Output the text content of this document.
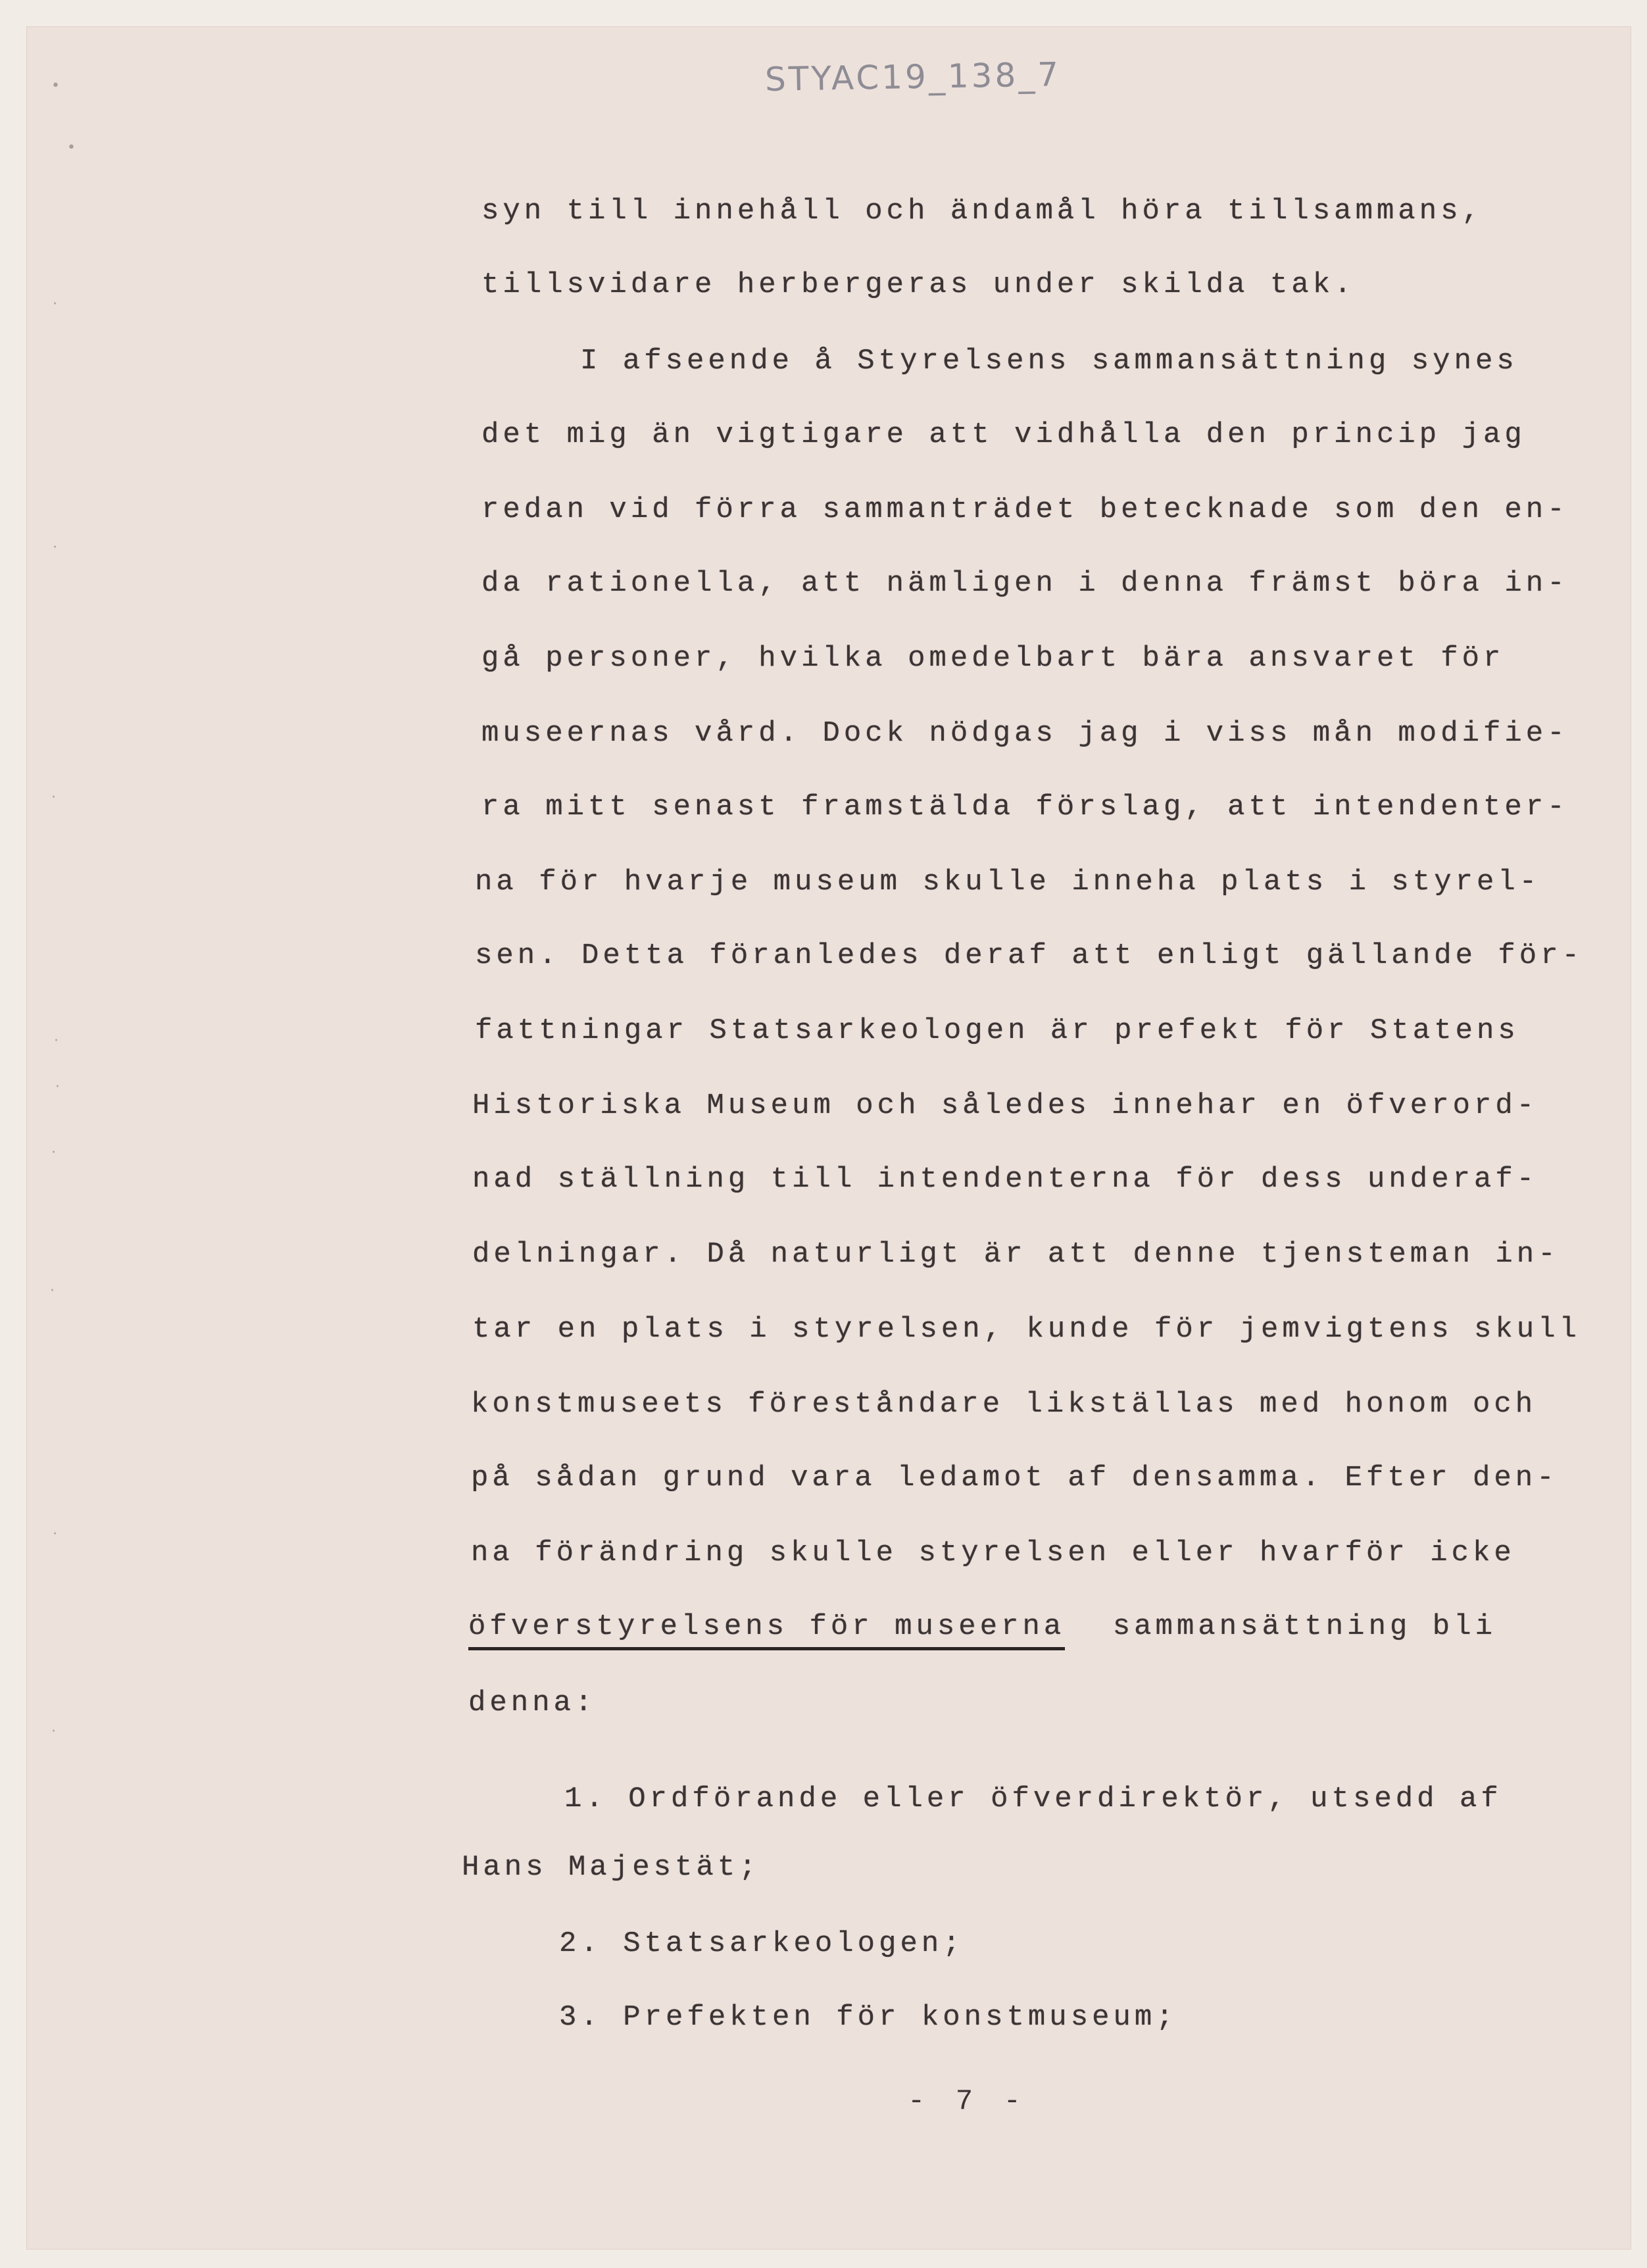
•
•
·
·
·
·
·
·
·
·
·
STYAC19_138_7
syn till innehåll och ändamål höra tillsammans,
tillsvidare herbergeras under skilda tak.
I afseende å Styrelsens sammansättning synes
det mig än vigtigare att vidhålla den princip jag
redan vid förra sammanträdet betecknade som den en-
da rationella, att nämligen i denna främst böra in-
gå personer, hvilka omedelbart bära ansvaret för
museernas vård. Dock nödgas jag i viss mån modifie-
ra mitt senast framstälda förslag, att intendenter-
na för hvarje museum skulle inneha plats i styrel-
sen. Detta föranledes deraf att enligt gällande för-
fattningar Statsarkeologen är prefekt för Statens
Historiska Museum och således innehar en öfverord-
nad ställning till intendenterna för dess underaf-
delningar. Då naturligt är att denne tjensteman in-
tar en plats i styrelsen, kunde för jemvigtens skull
konstmuseets föreståndare likställas med honom och
på sådan grund vara ledamot af densamma. Efter den-
na förändring skulle styrelsen eller hvarför icke
öfverstyrelsens för museerna sammansättning bli
denna:
1. Ordförande eller öfverdirektör, utsedd af
Hans Majestät;
2. Statsarkeologen;
3. Prefekten för konstmuseum;
- 7 -
